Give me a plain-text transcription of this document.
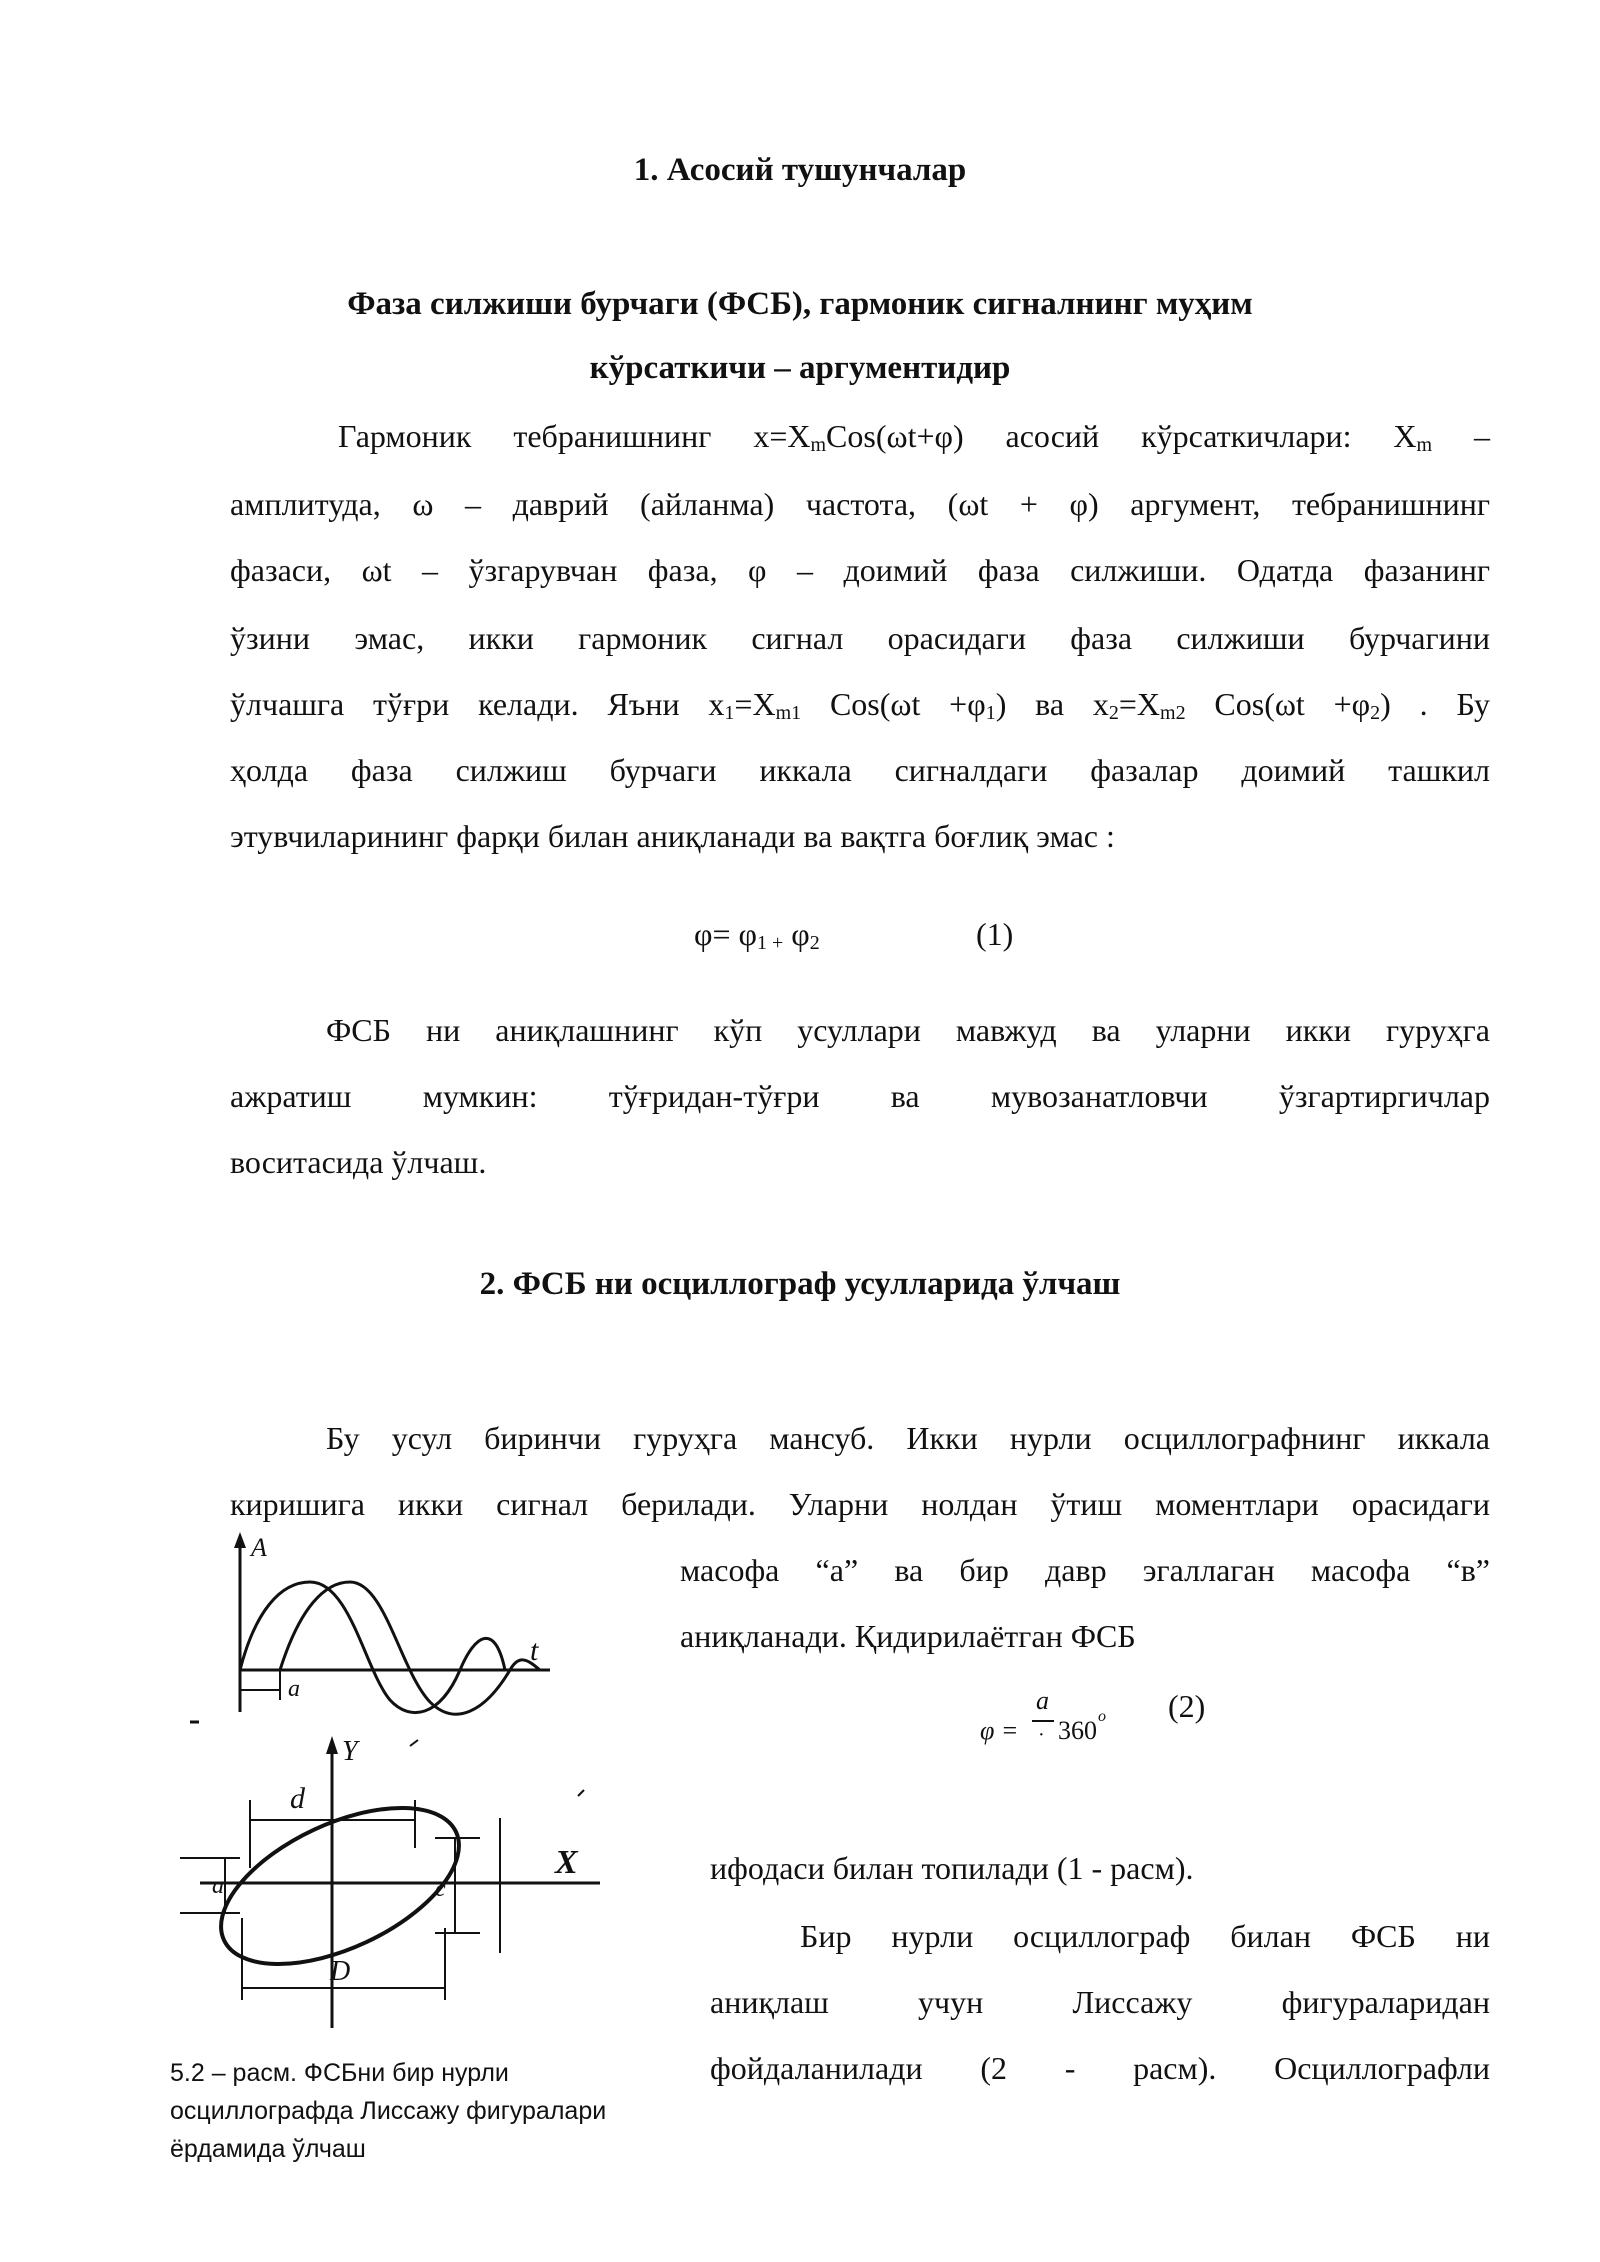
1. Асосий тушунчалар
Фаза силжиши бурчаги (ФСБ), гармоник сигналнинг муҳим
кўрсаткичи – аргументидир
Гармоник тебранишнинг $x=X_mCos(\omega t+\varphi)$ асосий кўрсаткичлари: $X_m$ –
амплитуда, ω – даврий (айланма) частота, (ωt + φ) аргумент, тебранишнинг
фазаси, ωt – ўзгарувчан фаза, φ – доимий фаза силжиши. Одатда фазанинг
ўзини эмас, икки гармоник сигнал орасидаги фаза силжиши бурчагини
ўлчашга тўғри келади. Яъни $x_1=X_{m1}$ $Cos(\omega t +\varphi_1)$ ва $x_2=X_{m2}$ $Cos(\omega t +\varphi_2)$ . Бу
ҳолда фаза силжиш бурчаги иккала сигналдаги фазалар доимий ташкил
этувчиларининг фарқи билан аниқланади ва вақтга боғлиқ эмас :
$\varphi= \varphi_{1 +}$ $\varphi_2$	(1)
ФСБ ни аниқлашнинг кўп усуллари мавжуд ва уларни икки гуруҳга
ажратиш мумкин: тўғридан-тўғри ва мувозанатловчи ўзгартиргичлар
воситасида ўлчаш.
2. ФСБ ни осциллограф усулларида ўлчаш
Бу усул биринчи гуруҳга мансуб. Икки нурли осциллографнинг иккала
киришига икки сигнал берилади. Уларни нолдан ўтиш моментлари орасидаги
масофа “а” ва бир давр эгаллаган масофа “в”
аниқланади. Қидирилаётган ФСБ
φ =
a
· 360 o (2)
ифодаси билан топилади (1 - расм).
Бир нурли осциллограф билан ФСБ ни
аниқлаш учун Лиссажу фигураларидан
фойдаланилади (2 - расм). Осциллографли
A
t
a
Y
X
d
a	c
D
5.2 – расм. ФСБни бир нурли
осциллографда Лиссажу фигуралари
ёрдамида ўлчаш
